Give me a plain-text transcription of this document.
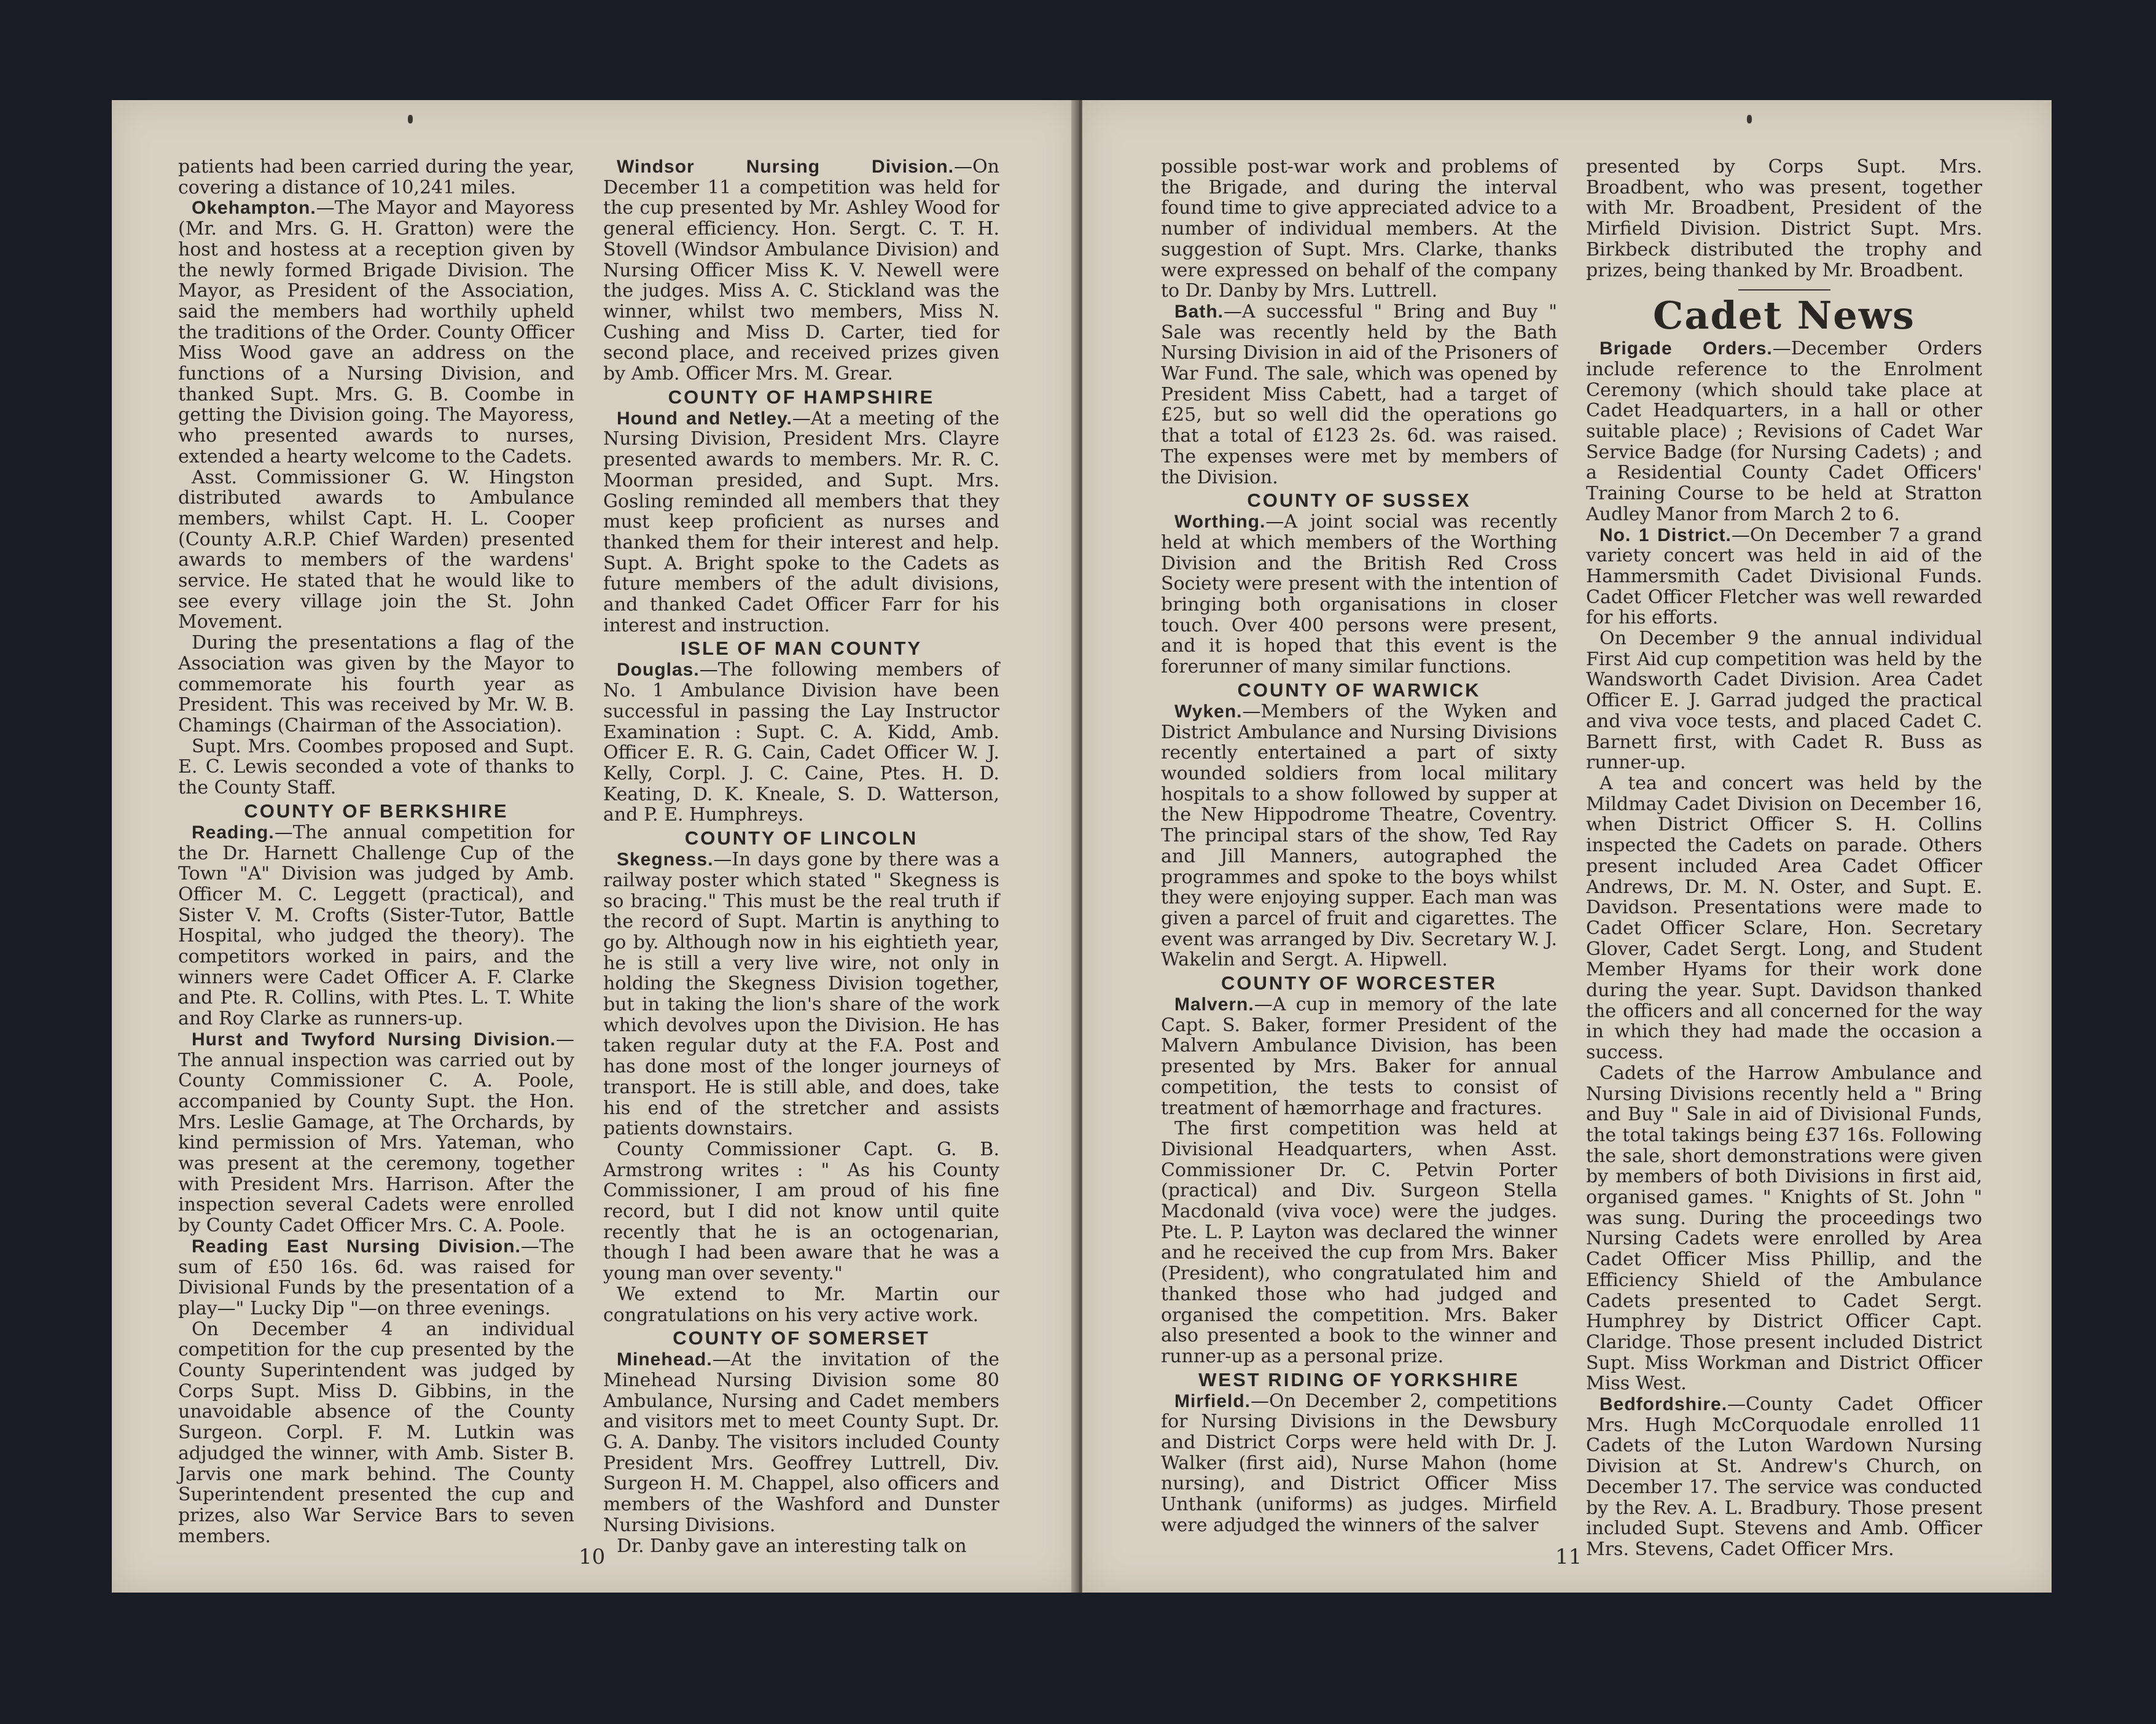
patients had been carried during the year, covering a distance of 10,241 miles.

Okehampton.—The Mayor and Mayoress (Mr. and Mrs. G. H. Gratton) were the host and hostess at a reception given by the newly formed Brigade Division. The Mayor, as President of the Association, said the members had worthily upheld the traditions of the Order. County Officer Miss Wood gave an address on the functions of a Nursing Division, and thanked Supt. Mrs. G. B. Coombe in getting the Division going. The Mayoress, who presented awards to nurses, extended a hearty welcome to the Cadets.

Asst. Commissioner G. W. Hingston distributed awards to Ambulance members, whilst Capt. H. L. Cooper (County A.R.P. Chief Warden) presented awards to members of the wardens' service. He stated that he would like to see every village join the St. John Movement.

During the presentations a flag of the Association was given by the Mayor to commemorate his fourth year as President. This was received by Mr. W. B. Chamings (Chairman of the Association).

Supt. Mrs. Coombes proposed and Supt. E. C. Lewis seconded a vote of thanks to the County Staff.

COUNTY OF BERKSHIRE

Reading.—The annual competition for the Dr. Harnett Challenge Cup of the Town "A" Division was judged by Amb. Officer M. C. Leggett (practical), and Sister V. M. Crofts (Sister-Tutor, Battle Hospital, who judged the theory). The competitors worked in pairs, and the winners were Cadet Officer A. F. Clarke and Pte. R. Collins, with Ptes. L. T. White and Roy Clarke as runners-up.

Hurst and Twyford Nursing Division.—The annual inspection was carried out by County Commissioner C. A. Poole, accompanied by County Supt. the Hon. Mrs. Leslie Gamage, at The Orchards, by kind permission of Mrs. Yateman, who was present at the ceremony, together with President Mrs. Harrison. After the inspection several Cadets were enrolled by County Cadet Officer Mrs. C. A. Poole.

Reading East Nursing Division.—The sum of £50 16s. 6d. was raised for Divisional Funds by the presentation of a play—" Lucky Dip "—on three evenings.

On December 4 an individual competition for the cup presented by the County Superintendent was judged by Corps Supt. Miss D. Gibbins, in the unavoidable absence of the County Surgeon. Corpl. F. M. Lutkin was adjudged the winner, with Amb. Sister B. Jarvis one mark behind. The County Superintendent presented the cup and prizes, also War Service Bars to seven members.

Windsor Nursing Division.—On December 11 a competition was held for the cup presented by Mr. Ashley Wood for general efficiency. Hon. Sergt. C. T. H. Stovell (Windsor Ambulance Division) and Nursing Officer Miss K. V. Newell were the judges. Miss A. C. Stickland was the winner, whilst two members, Miss N. Cushing and Miss D. Carter, tied for second place, and received prizes given by Amb. Officer Mrs. M. Grear.

COUNTY OF HAMPSHIRE

Hound and Netley.—At a meeting of the Nursing Division, President Mrs. Clayre presented awards to members. Mr. R. C. Moorman presided, and Supt. Mrs. Gosling reminded all members that they must keep proficient as nurses and thanked them for their interest and help. Supt. A. Bright spoke to the Cadets as future members of the adult divisions, and thanked Cadet Officer Farr for his interest and instruction.

ISLE OF MAN COUNTY

Douglas.—The following members of No. 1 Ambulance Division have been successful in passing the Lay Instructor Examination : Supt. C. A. Kidd, Amb. Officer E. R. G. Cain, Cadet Officer W. J. Kelly, Corpl. J. C. Caine, Ptes. H. D. Keating, D. K. Kneale, S. D. Watterson, and P. E. Humphreys.

COUNTY OF LINCOLN

Skegness.—In days gone by there was a railway poster which stated " Skegness is so bracing." This must be the real truth if the record of Supt. Martin is anything to go by. Although now in his eightieth year, he is still a very live wire, not only in holding the Skegness Division together, but in taking the lion's share of the work which devolves upon the Division. He has taken regular duty at the F.A. Post and has done most of the longer journeys of transport. He is still able, and does, take his end of the stretcher and assists patients downstairs.

County Commissioner Capt. G. B. Armstrong writes : " As his County Commissioner, I am proud of his fine record, but I did not know until quite recently that he is an octogenarian, though I had been aware that he was a young man over seventy."

We extend to Mr. Martin our congratulations on his very active work.

COUNTY OF SOMERSET

Minehead.—At the invitation of the Minehead Nursing Division some 80 Ambulance, Nursing and Cadet members and visitors met to meet County Supt. Dr. G. A. Danby. The visitors included County President Mrs. Geoffrey Luttrell, Div. Surgeon H. M. Chappel, also officers and members of the Washford and Dunster Nursing Divisions.

Dr. Danby gave an interesting talk on

10

possible post-war work and problems of the Brigade, and during the interval found time to give appreciated advice to a number of individual members. At the suggestion of Supt. Mrs. Clarke, thanks were expressed on behalf of the company to Dr. Danby by Mrs. Luttrell.

Bath.—A successful " Bring and Buy " Sale was recently held by the Bath Nursing Division in aid of the Prisoners of War Fund. The sale, which was opened by President Miss Cabett, had a target of £25, but so well did the operations go that a total of £123 2s. 6d. was raised. The expenses were met by members of the Division.

COUNTY OF SUSSEX

Worthing.—A joint social was recently held at which members of the Worthing Division and the British Red Cross Society were present with the intention of bringing both organisations in closer touch. Over 400 persons were present, and it is hoped that this event is the forerunner of many similar functions.

COUNTY OF WARWICK

Wyken.—Members of the Wyken and District Ambulance and Nursing Divisions recently entertained a part of sixty wounded soldiers from local military hospitals to a show followed by supper at the New Hippodrome Theatre, Coventry. The principal stars of the show, Ted Ray and Jill Manners, autographed the programmes and spoke to the boys whilst they were enjoying supper. Each man was given a parcel of fruit and cigarettes. The event was arranged by Div. Secretary W. J. Wakelin and Sergt. A. Hipwell.

COUNTY OF WORCESTER

Malvern.—A cup in memory of the late Capt. S. Baker, former President of the Malvern Ambulance Division, has been presented by Mrs. Baker for annual competition, the tests to consist of treatment of hæmorrhage and fractures.

The first competition was held at Divisional Headquarters, when Asst. Commissioner Dr. C. Petvin Porter (practical) and Div. Surgeon Stella Macdonald (viva voce) were the judges. Pte. L. P. Layton was declared the winner and he received the cup from Mrs. Baker (President), who congratulated him and thanked those who had judged and organised the competition. Mrs. Baker also presented a book to the winner and runner-up as a personal prize.

WEST RIDING OF YORKSHIRE

Mirfield.—On December 2, competitions for Nursing Divisions in the Dewsbury and District Corps were held with Dr. J. Walker (first aid), Nurse Mahon (home nursing), and District Officer Miss Unthank (uniforms) as judges. Mirfield were adjudged the winners of the salver

presented by Corps Supt. Mrs. Broadbent, who was present, together with Mr. Broadbent, President of the Mirfield Division. District Supt. Mrs. Birkbeck distributed the trophy and prizes, being thanked by Mr. Broadbent.

Cadet News

Brigade Orders.—December Orders include reference to the Enrolment Ceremony (which should take place at Cadet Headquarters, in a hall or other suitable place) ; Revisions of Cadet War Service Badge (for Nursing Cadets) ; and a Residential County Cadet Officers' Training Course to be held at Stratton Audley Manor from March 2 to 6.

No. 1 District.—On December 7 a grand variety concert was held in aid of the Hammersmith Cadet Divisional Funds. Cadet Officer Fletcher was well rewarded for his efforts.

On December 9 the annual individual First Aid cup competition was held by the Wandsworth Cadet Division. Area Cadet Officer E. J. Garrad judged the practical and viva voce tests, and placed Cadet C. Barnett first, with Cadet R. Buss as runner-up.

A tea and concert was held by the Mildmay Cadet Division on December 16, when District Officer S. H. Collins inspected the Cadets on parade. Others present included Area Cadet Officer Andrews, Dr. M. N. Oster, and Supt. E. Davidson. Presentations were made to Cadet Officer Sclare, Hon. Secretary Glover, Cadet Sergt. Long, and Student Member Hyams for their work done during the year. Supt. Davidson thanked the officers and all concerned for the way in which they had made the occasion a success.

Cadets of the Harrow Ambulance and Nursing Divisions recently held a " Bring and Buy " Sale in aid of Divisional Funds, the total takings being £37 16s. Following the sale, short demonstrations were given by members of both Divisions in first aid, organised games. " Knights of St. John " was sung. During the proceedings two Nursing Cadets were enrolled by Area Cadet Officer Miss Phillip, and the Efficiency Shield of the Ambulance Cadets presented to Cadet Sergt. Humphrey by District Officer Capt. Claridge. Those present included District Supt. Miss Workman and District Officer Miss West.

Bedfordshire.—County Cadet Officer Mrs. Hugh McCorquodale enrolled 11 Cadets of the Luton Wardown Nursing Division at St. Andrew's Church, on December 17. The service was conducted by the Rev. A. L. Bradbury. Those present included Supt. Stevens and Amb. Officer Mrs. Stevens, Cadet Officer Mrs.

11
